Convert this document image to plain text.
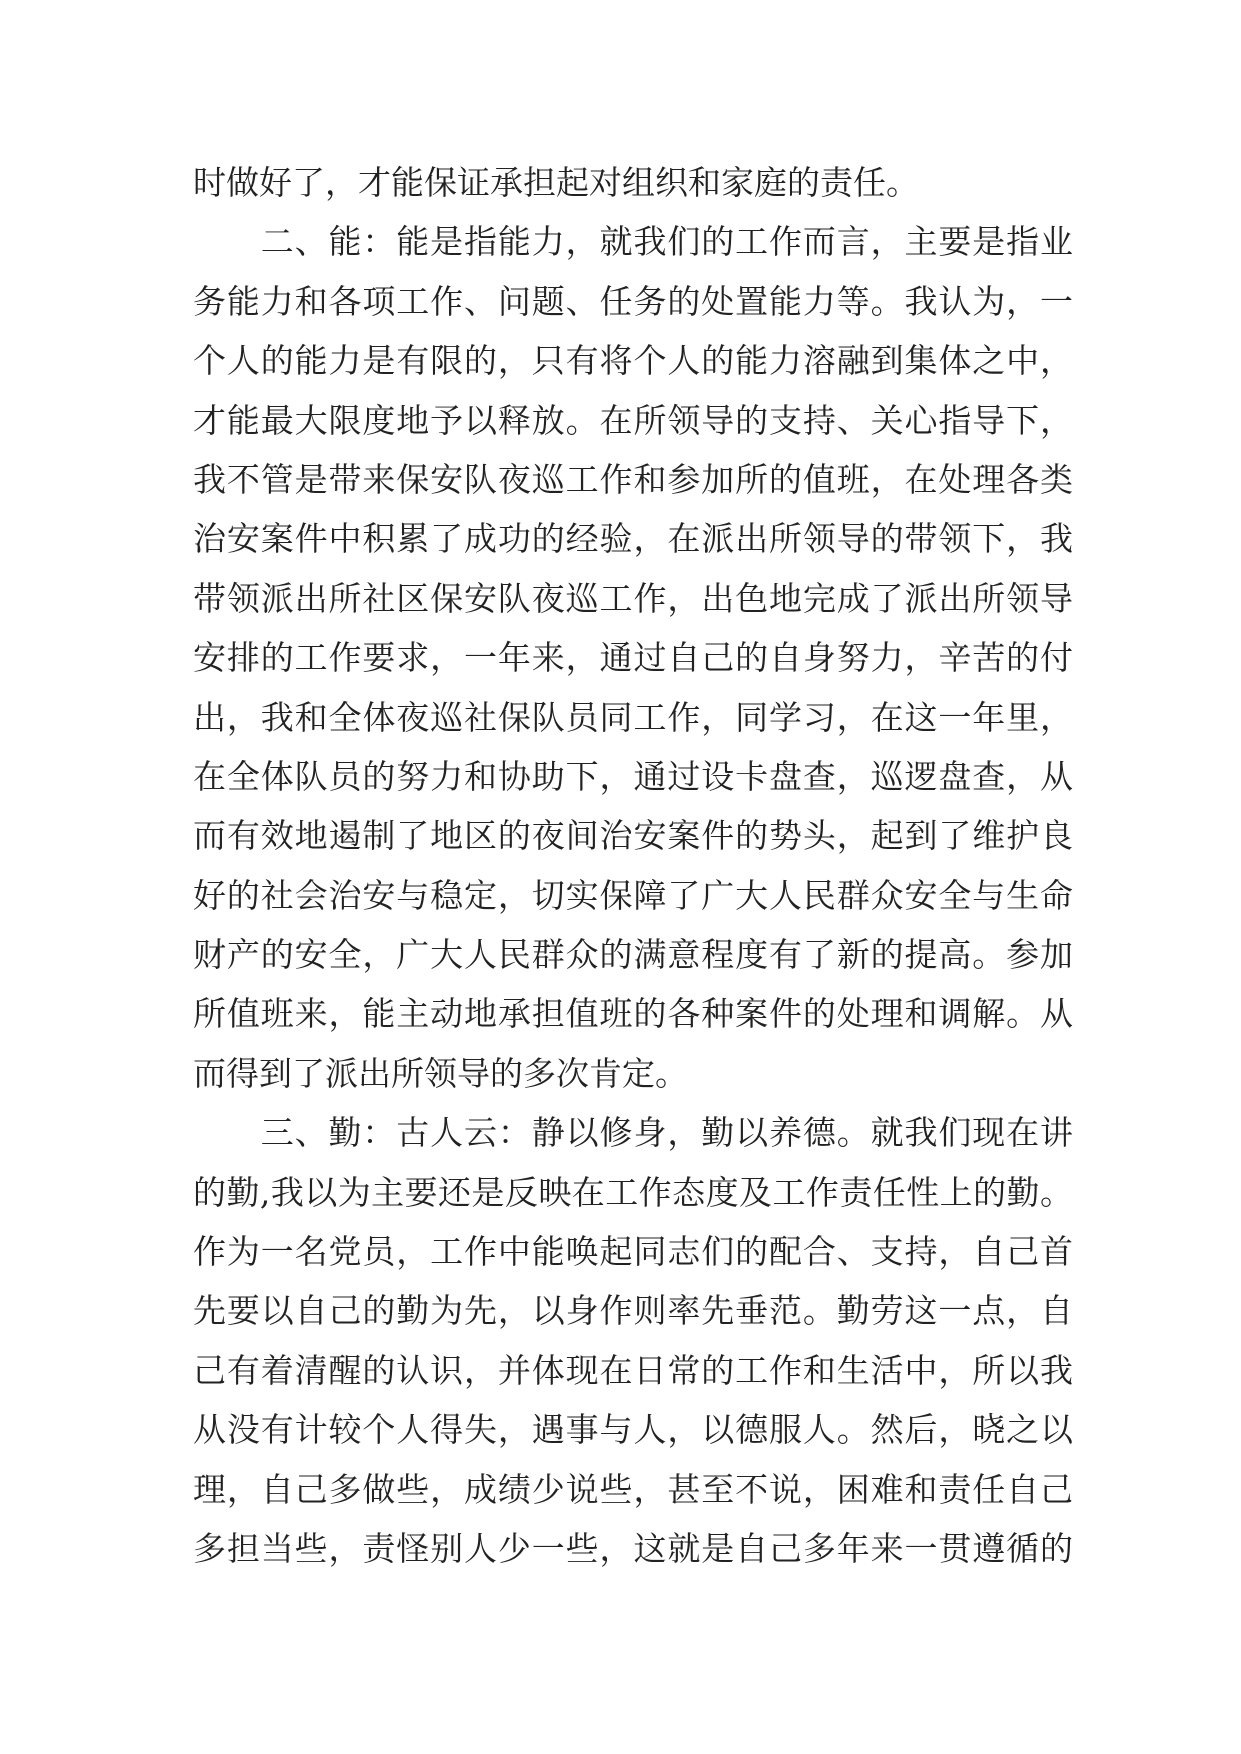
时做好了，才能保证承担起对组织和家庭的责任。
　　二、能：能是指能力，就我们的工作而言，主要是指业
务能力和各项工作、问题、任务的处置能力等。我认为，一
个人的能力是有限的，只有将个人的能力溶融到集体之中，
才能最大限度地予以释放。在所领导的支持、关心指导下，
我不管是带来保安队夜巡工作和参加所的值班，在处理各类
治安案件中积累了成功的经验，在派出所领导的带领下，我
带领派出所社区保安队夜巡工作，出色地完成了派出所领导
安排的工作要求，一年来，通过自己的自身努力，辛苦的付
出，我和全体夜巡社保队员同工作，同学习，在这一年里，
在全体队员的努力和协助下，通过设卡盘查，巡逻盘查，从
而有效地遏制了地区的夜间治安案件的势头，起到了维护良
好的社会治安与稳定，切实保障了广大人民群众安全与生命
财产的安全，广大人民群众的满意程度有了新的提高。参加
所值班来，能主动地承担值班的各种案件的处理和调解。从
而得到了派出所领导的多次肯定。
　　三、勤：古人云：静以修身，勤以养德。就我们现在讲
的勤,我以为主要还是反映在工作态度及工作责任性上的勤。
作为一名党员，工作中能唤起同志们的配合、支持，自己首
先要以自己的勤为先，以身作则率先垂范。勤劳这一点，自
己有着清醒的认识，并体现在日常的工作和生活中，所以我
从没有计较个人得失，遇事与人，以德服人。然后，晓之以
理，自己多做些，成绩少说些，甚至不说，困难和责任自己
多担当些，责怪别人少一些，这就是自己多年来一贯遵循的
